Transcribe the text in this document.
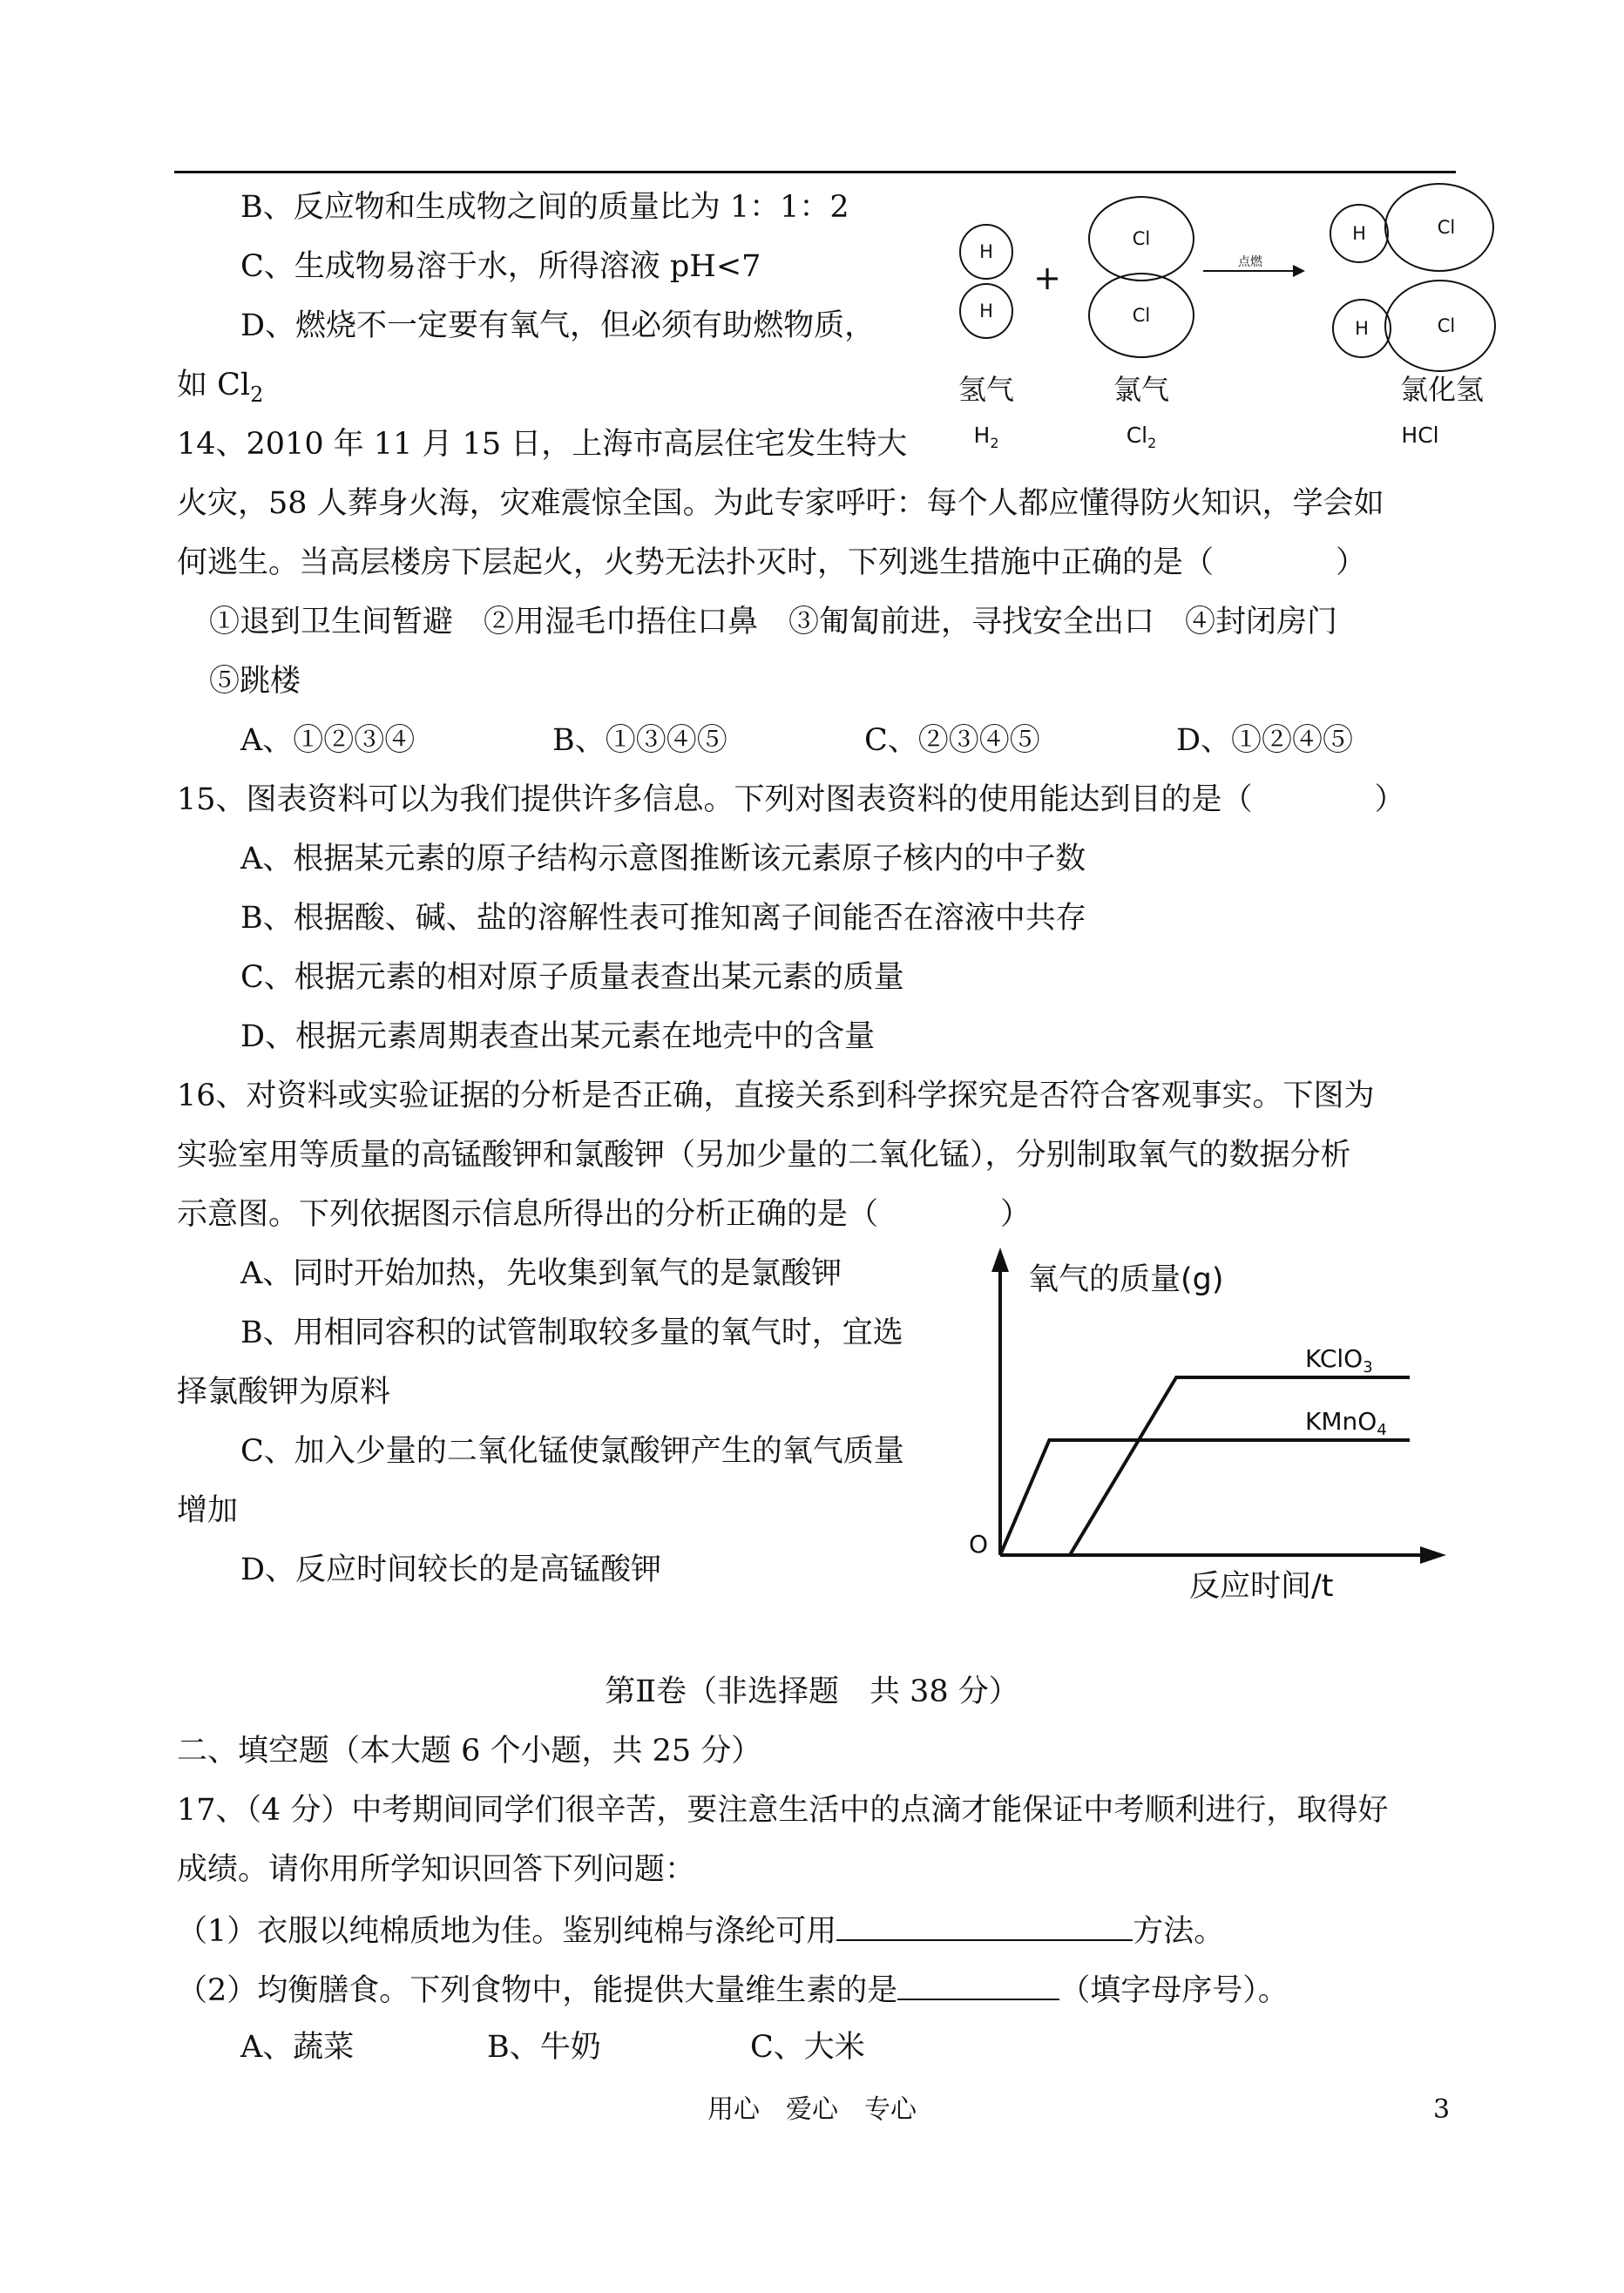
B、反应物和生成物之间的质量比为 1：1：2
C、生成物易溶于水，所得溶液 pH<7
D、燃烧不一定要有氧气，但必须有助燃物质，
如 $Cl_2$
H
H
Cl
Cl
H	Cl
H	Cl
+	点燃
氢气	氯气	氯化氢
$H_2$	$Cl_2$	HCl
14、2010 年 11 月 15 日，上海市高层住宅发生特大
火灾，58 人葬身火海，灾难震惊全国。为此专家呼吁：每个人都应懂得防火知识，学会如
何逃生。当高层楼房下层起火，火势无法扑灭时，下列逃生措施中正确的是（　　　　）
①退到卫生间暂避　②用湿毛巾捂住口鼻　③匍匐前进，寻找安全出口　④封闭房门
⑤跳楼
A、①②③④	B、①③④⑤	C、②③④⑤	D、①②④⑤
15、图表资料可以为我们提供许多信息。下列对图表资料的使用能达到目的是（　　　　）
A、根据某元素的原子结构示意图推断该元素原子核内的中子数
B、根据酸、碱、盐的溶解性表可推知离子间能否在溶液中共存
C、根据元素的相对原子质量表查出某元素的质量
D、根据元素周期表查出某元素在地壳中的含量
16、对资料或实验证据的分析是否正确，直接关系到科学探究是否符合客观事实。下图为
实验室用等质量的高锰酸钾和氯酸钾（另加少量的二氧化锰），分别制取氧气的数据分析
示意图。下列依据图示信息所得出的分析正确的是（　　　　）
A、同时开始加热，先收集到氧气的是氯酸钾
B、用相同容积的试管制取较多量的氧气时，宜选
择氯酸钾为原料
C、加入少量的二氧化锰使氯酸钾产生的氧气质量
增加
D、反应时间较长的是高锰酸钾
KClO$_3$
KMnO$_4$
氧气的质量(g)
反应时间/t
O
第Ⅱ卷（非选择题　共 38 分）
二、填空题（本大题 6 个小题，共 25 分）
17、（4 分）中考期间同学们很辛苦，要注意生活中的点滴才能保证中考顺利进行，取得好
成绩。请你用所学知识回答下列问题：
（1）衣服以纯棉质地为佳。鉴别纯棉与涤纶可用	方法。
（2）均衡膳食。下列食物中，能提供大量维生素的是	（填字母序号）。
A、蔬菜	B、牛奶	C、大米
用心　爱心　专心	3
